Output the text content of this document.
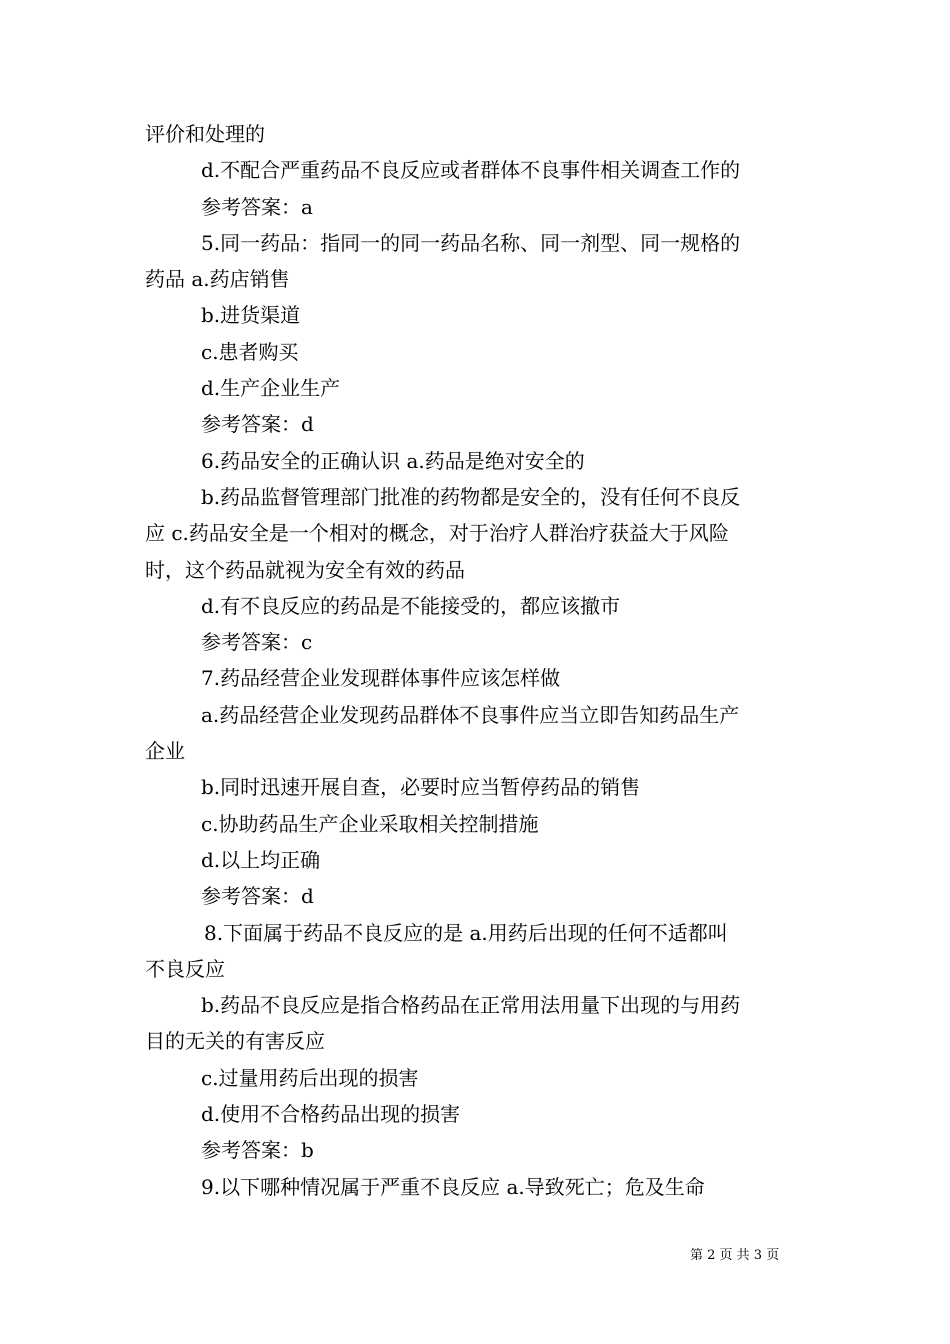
评价和处理的
d.不配合严重药品不良反应或者群体不良事件相关调查工作的
参考答案：a
5.同一药品：指同一的同一药品名称、同一剂型、同一规格的
药品 a.药店销售
b.进货渠道
c.患者购买
d.生产企业生产
参考答案：d
6.药品安全的正确认识 a.药品是绝对安全的
b.药品监督管理部门批准的药物都是安全的，没有任何不良反
应 c.药品安全是一个相对的概念，对于治疗人群治疗获益大于风险
时，这个药品就视为安全有效的药品
d.有不良反应的药品是不能接受的，都应该撤市
参考答案：c
7.药品经营企业发现群体事件应该怎样做
a.药品经营企业发现药品群体不良事件应当立即告知药品生产
企业
b.同时迅速开展自查，必要时应当暂停药品的销售
c.协助药品生产企业采取相关控制措施
d.以上均正确
参考答案：d
8.下面属于药品不良反应的是 a.用药后出现的任何不适都叫
不良反应
b.药品不良反应是指合格药品在正常用法用量下出现的与用药
目的无关的有害反应
c.过量用药后出现的损害
d.使用不合格药品出现的损害
参考答案：b
9.以下哪种情况属于严重不良反应 a.导致死亡；危及生命
第 2 页 共 3 页
